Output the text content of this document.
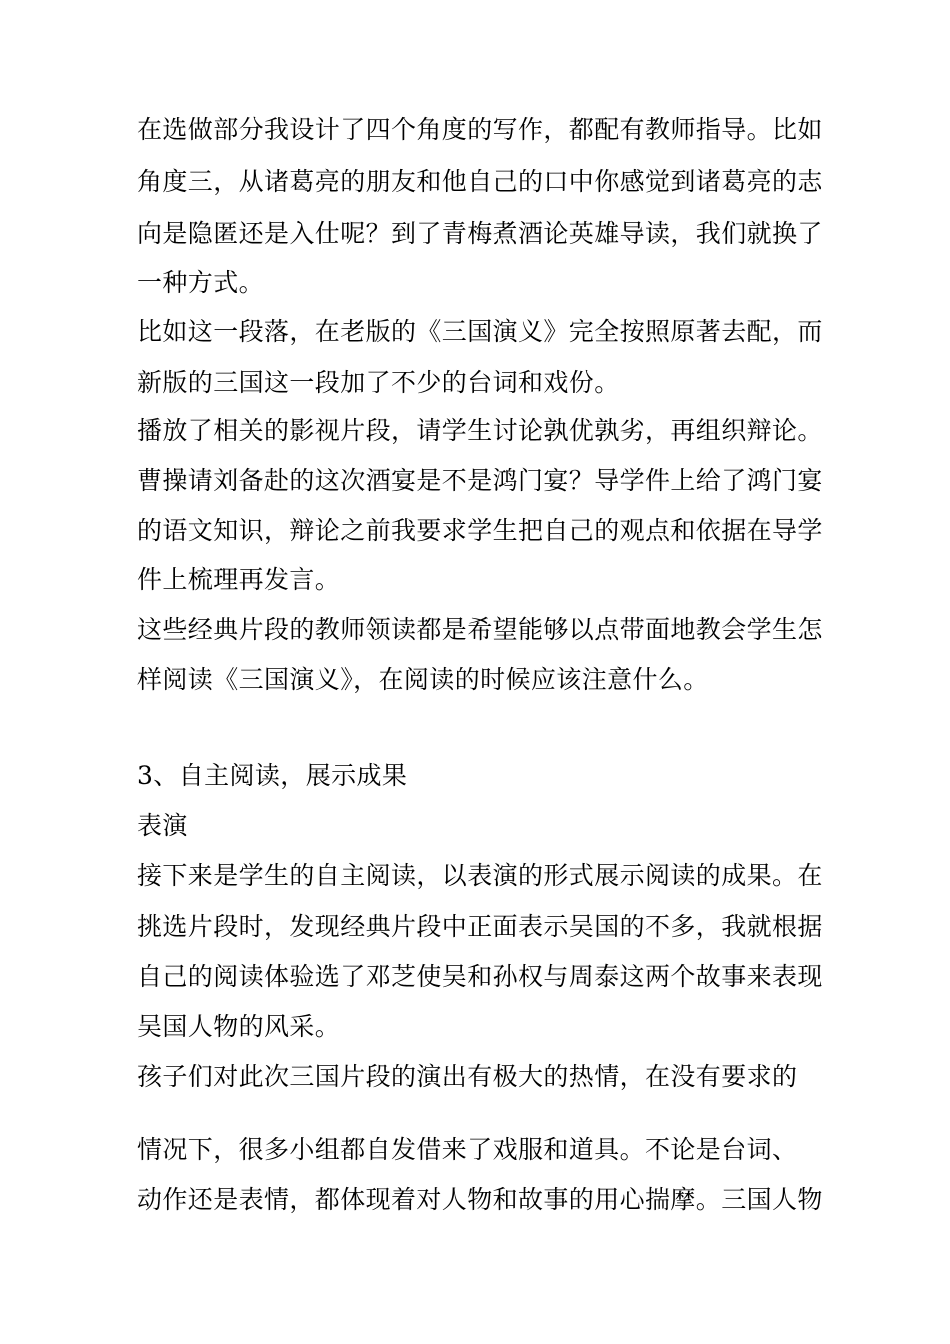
在选做部分我设计了四个角度的写作，都配有教师指导。比如
角度三，从诸葛亮的朋友和他自己的口中你感觉到诸葛亮的志
向是隐匿还是入仕呢？到了青梅煮酒论英雄导读，我们就换了
一种方式。
比如这一段落，在老版的《三国演义》完全按照原著去配，而
新版的三国这一段加了不少的台词和戏份。
播放了相关的影视片段，请学生讨论孰优孰劣，再组织辩论。
曹操请刘备赴的这次酒宴是不是鸿门宴？导学件上给了鸿门宴
的语文知识，辩论之前我要求学生把自己的观点和依据在导学
件上梳理再发言。
这些经典片段的教师领读都是希望能够以点带面地教会学生怎
样阅读《三国演义》，在阅读的时候应该注意什么。
3、自主阅读，展示成果
表演
接下来是学生的自主阅读，以表演的形式展示阅读的成果。在
挑选片段时，发现经典片段中正面表示吴国的不多，我就根据
自己的阅读体验选了邓芝使吴和孙权与周泰这两个故事来表现
吴国人物的风采。
孩子们对此次三国片段的演出有极大的热情，在没有要求的
情况下，很多小组都自发借来了戏服和道具。不论是台词、
动作还是表情，都体现着对人物和故事的用心揣摩。三国人物
